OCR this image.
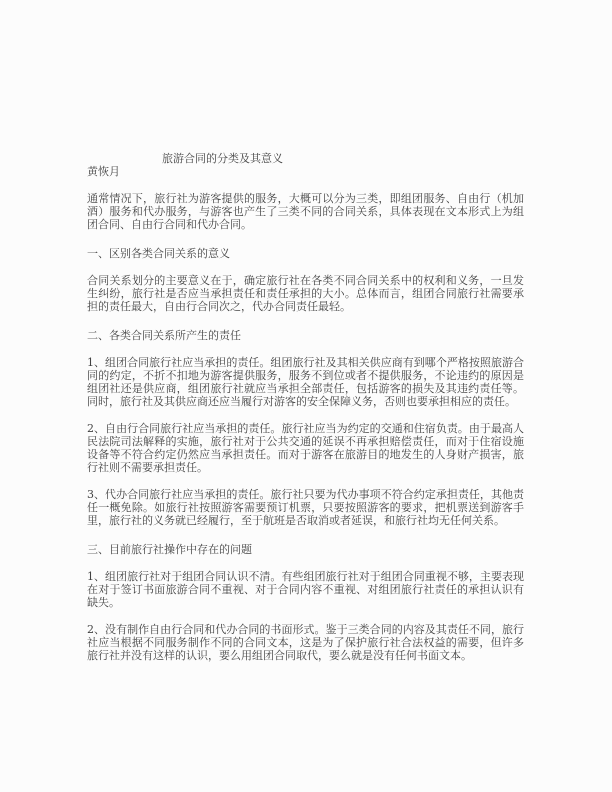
旅游合同的分类及其意义
黄恢月

通常情况下，旅行社为游客提供的服务，大概可以分为三类，即组团服务、自由行（机加酒）服务和代办服务，与游客也产生了三类不同的合同关系，具体表现在文本形式上为组团合同、自由行合同和代办合同。

一、区别各类合同关系的意义

合同关系划分的主要意义在于，确定旅行社在各类不同合同关系中的权利和义务，一旦发生纠纷，旅行社是否应当承担责任和责任承担的大小。总体而言，组团合同旅行社需要承担的责任最大，自由行合同次之，代办合同责任最轻。

二、各类合同关系所产生的责任

1、组团合同旅行社应当承担的责任。组团旅行社及其相关供应商有到哪个严格按照旅游合同的约定，不折不扣地为游客提供服务，服务不到位或者不提供服务，不论违约的原因是组团社还是供应商，组团旅行社就应当承担全部责任，包括游客的损失及其违约责任等。同时，旅行社及其供应商还应当履行对游客的安全保障义务，否则也要承担相应的责任。

2、自由行合同旅行社应当承担的责任。旅行社应当为约定的交通和住宿负责。由于最高人民法院司法解释的实施，旅行社对于公共交通的延误不再承担赔偿责任，而对于住宿设施设备等不符合约定仍然应当承担责任。而对于游客在旅游目的地发生的人身财产损害，旅行社则不需要承担责任。

3、代办合同旅行社应当承担的责任。旅行社只要为代办事项不符合约定承担责任，其他责任一概免除。如旅行社按照游客需要预订机票，只要按照游客的要求，把机票送到游客手里，旅行社的义务就已经履行，至于航班是否取消或者延误，和旅行社均无任何关系。

三、目前旅行社操作中存在的问题

1、组团旅行社对于组团合同认识不清。有些组团旅行社对于组团合同重视不够，主要表现在对于签订书面旅游合同不重视、对于合同内容不重视、对组团旅行社责任的承担认识有缺失。

2、没有制作自由行合同和代办合同的书面形式。鉴于三类合同的内容及其责任不同，旅行社应当根据不同服务制作不同的合同文本，这是为了保护旅行社合法权益的需要，但许多旅行社并没有这样的认识，要么用组团合同取代，要么就是没有任何书面文本。
